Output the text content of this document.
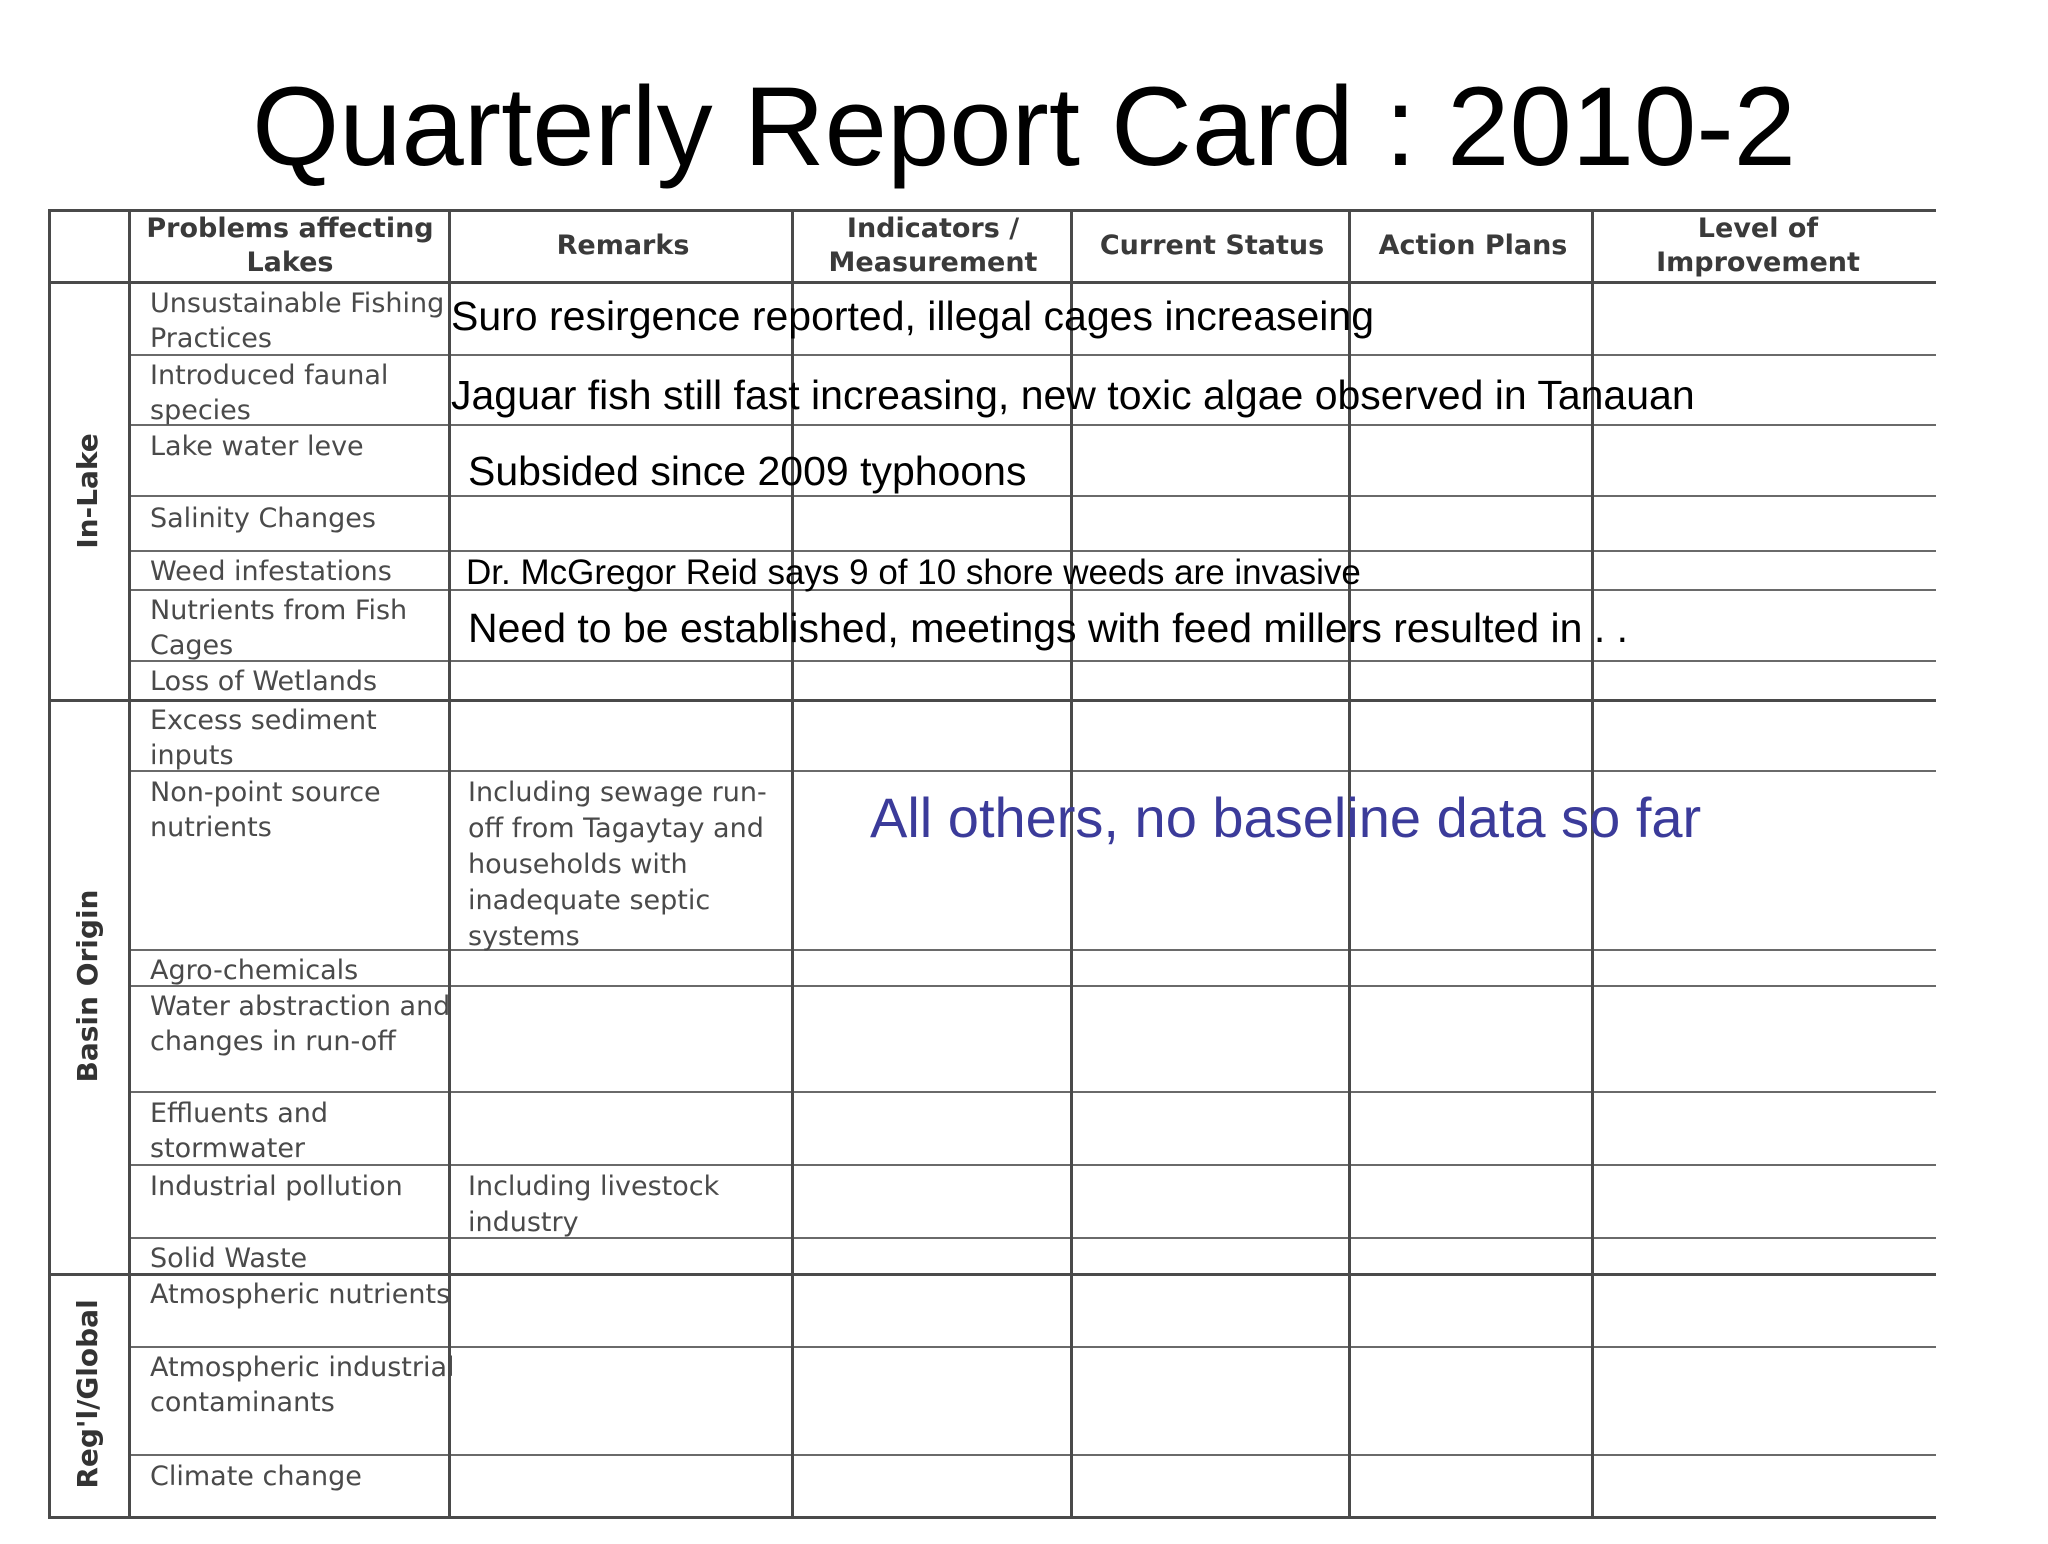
Quarterly Report Card : 2010-2
Problems affecting Lakes
Remarks
Indicators / Measurement
Current Status	Action Plans
Level of Improvement
In-Lake
Basin Origin
Reg'l/Global
Unsustainable Fishing Practices
Introduced faunal species
Lake water leve
Salinity Changes
Weed infestations
Nutrients from Fish Cages
Loss of Wetlands
Excess sediment inputs
Non-point source nutrients
Agro-chemicals
Water abstraction and changes in run-off
Effluents and stormwater
Industrial pollution
Solid Waste
Atmospheric nutrients
Atmospheric industrial contaminants
Climate change
Including sewage run-off from Tagaytay and households with inadequate septic systems
Including livestock industry
Suro resirgence reported, illegal cages increaseing
Jaguar fish still fast increasing, new toxic algae observed in Tanauan
Subsided since 2009 typhoons
Dr. McGregor Reid says 9 of 10 shore weeds are invasive
Need to be established, meetings with feed millers resulted in . .
All others, no baseline data so far
